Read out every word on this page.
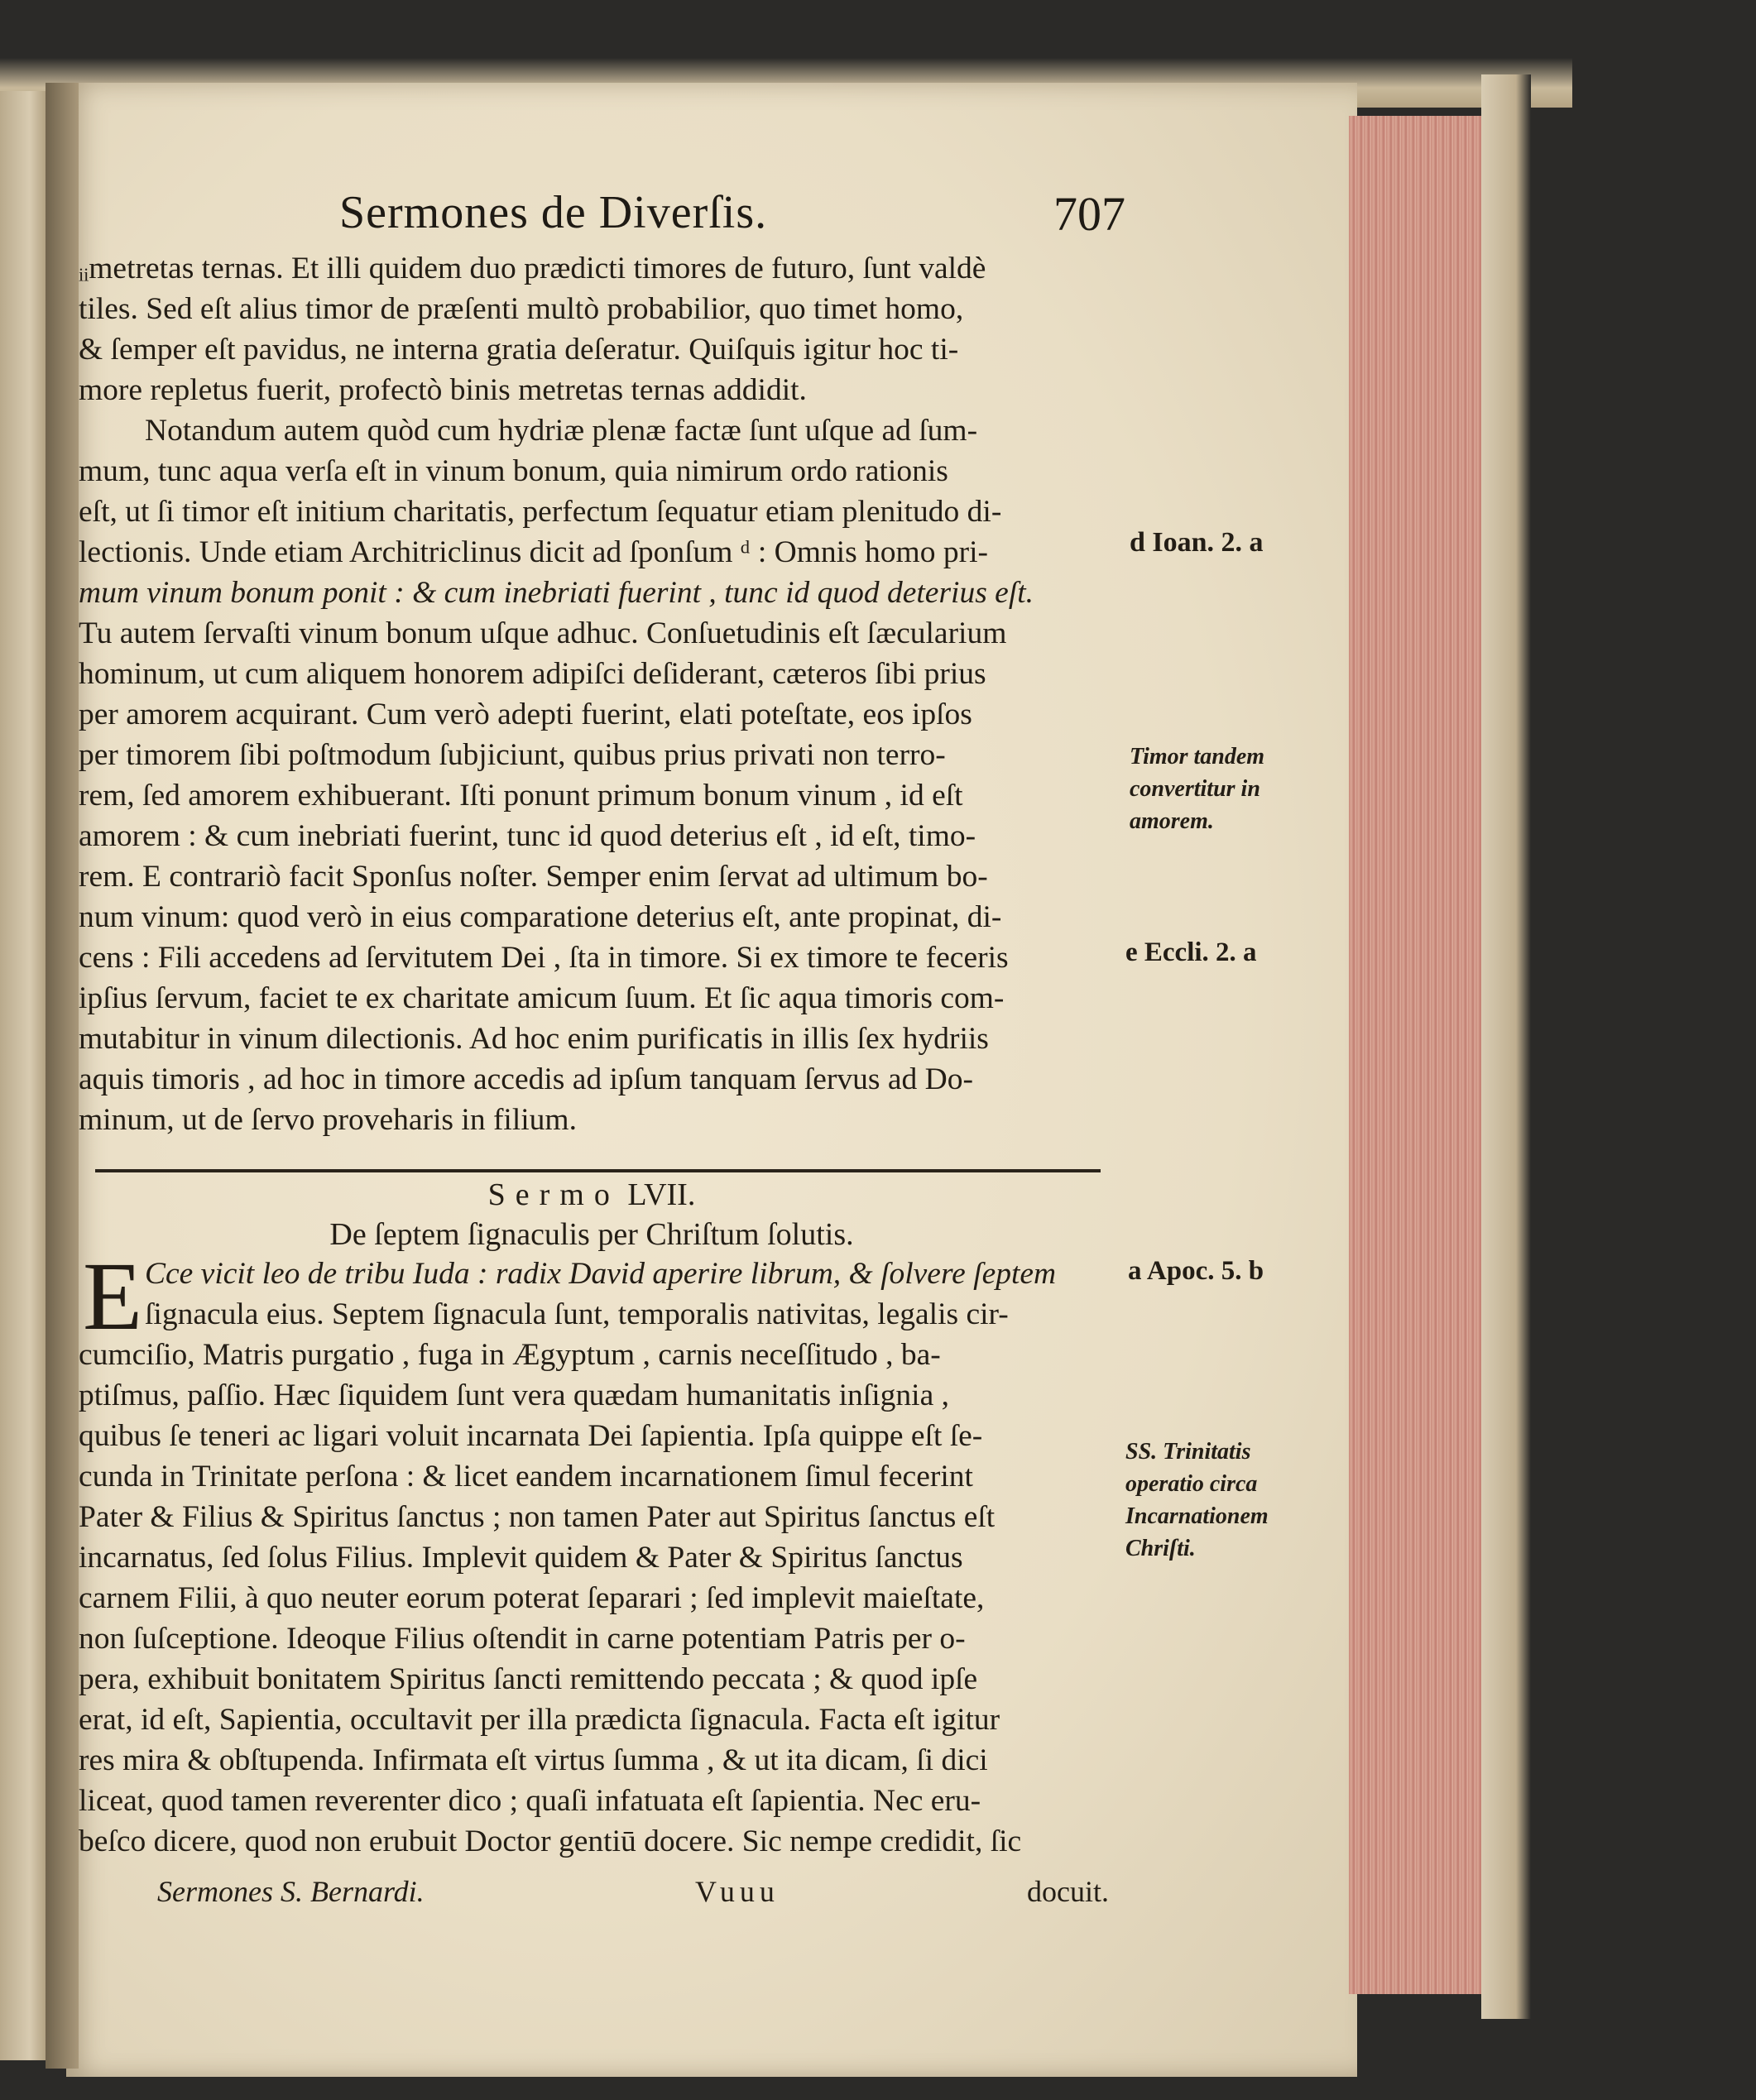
Sermones de Diverſis.	707
ᵢᵢmetretas ternas. Et illi quidem duo prædicti timores de futuro, ſunt valdè
tiles. Sed eſt alius timor de præſenti multò probabilior, quo timet homo,
& ſemper eſt pavidus, ne interna gratia deſeratur. Quiſquis igitur hoc ti-
more repletus fuerit, profectò binis metretas ternas addidit.
Notandum autem quòd cum hydriæ plenæ factæ ſunt uſque ad ſum-
mum, tunc aqua verſa eſt in vinum bonum, quia nimirum ordo rationis
eſt, ut ſi timor eſt initium charitatis, perfectum ſequatur etiam plenitudo di-
lectionis. Unde etiam Architriclinus dicit ad ſponſum ᵈ : Omnis homo pri-
mum vinum bonum ponit : & cum inebriati fuerint , tunc id quod deterius eſt.
Tu autem ſervaſti vinum bonum uſque adhuc. Conſuetudinis eſt ſæcularium
hominum, ut cum aliquem honorem adipiſci deſiderant, cæteros ſibi prius
per amorem acquirant. Cum verò adepti fuerint, elati poteſtate, eos ipſos
per timorem ſibi poſtmodum ſubjiciunt, quibus prius privati non terro-
rem, ſed amorem exhibuerant. Iſti ponunt primum bonum vinum , id eſt
amorem : & cum inebriati fuerint, tunc id quod deterius eſt , id eſt, timo-
rem. E contrariò facit Sponſus noſter. Semper enim ſervat ad ultimum bo-
num vinum: quod verò in eius comparatione deterius eſt, ante propinat, di-
cens : Fili accedens ad ſervitutem Dei , ſta in timore. Si ex timore te feceris
ipſius ſervum, faciet te ex charitate amicum ſuum. Et ſic aqua timoris com-
mutabitur in vinum dilectionis. Ad hoc enim purificatis in illis ſex hydriis
aquis timoris , ad hoc in timore accedis ad ipſum tanquam ſervus ad Do-
minum, ut de ſervo proveharis in filium.
Sermo LVII.
De ſeptem ſignaculis per Chriſtum ſolutis.
E Cce vicit leo de tribu Iuda : radix David aperire librum, & ſolvere ſeptem
ſignacula eius. Septem ſignacula ſunt, temporalis nativitas, legalis cir-
cumciſio, Matris purgatio , fuga in Ægyptum , carnis neceſſitudo , ba-
ptiſmus, paſſio. Hæc ſiquidem ſunt vera quædam humanitatis inſignia ,
quibus ſe teneri ac ligari voluit incarnata Dei ſapientia. Ipſa quippe eſt ſe-
cunda in Trinitate perſona : & licet eandem incarnationem ſimul fecerint
Pater & Filius & Spiritus ſanctus ; non tamen Pater aut Spiritus ſanctus eſt
incarnatus, ſed ſolus Filius. Implevit quidem & Pater & Spiritus ſanctus
carnem Filii, à quo neuter eorum poterat ſeparari ; ſed implevit maieſtate,
non ſuſceptione. Ideoque Filius oſtendit in carne potentiam Patris per o-
pera, exhibuit bonitatem Spiritus ſancti remittendo peccata ; & quod ipſe
erat, id eſt, Sapientia, occultavit per illa prædicta ſignacula. Facta eſt igitur
res mira & obſtupenda. Infirmata eſt virtus ſumma , & ut ita dicam, ſi dici
liceat, quod tamen reverenter dico ; quaſi infatuata eſt ſapientia. Nec eru-
beſco dicere, quod non erubuit Doctor gentiū docere. Sic nempe credidit, ſic
Sermones S. Bernardi.	Vuuu	docuit.
d Ioan. 2. a
Timor tandem
convertitur in
amorem.
e Eccli. 2. a
a Apoc. 5. b
SS. Trinitatis
operatio circa
Incarnationem
Chriſti.
